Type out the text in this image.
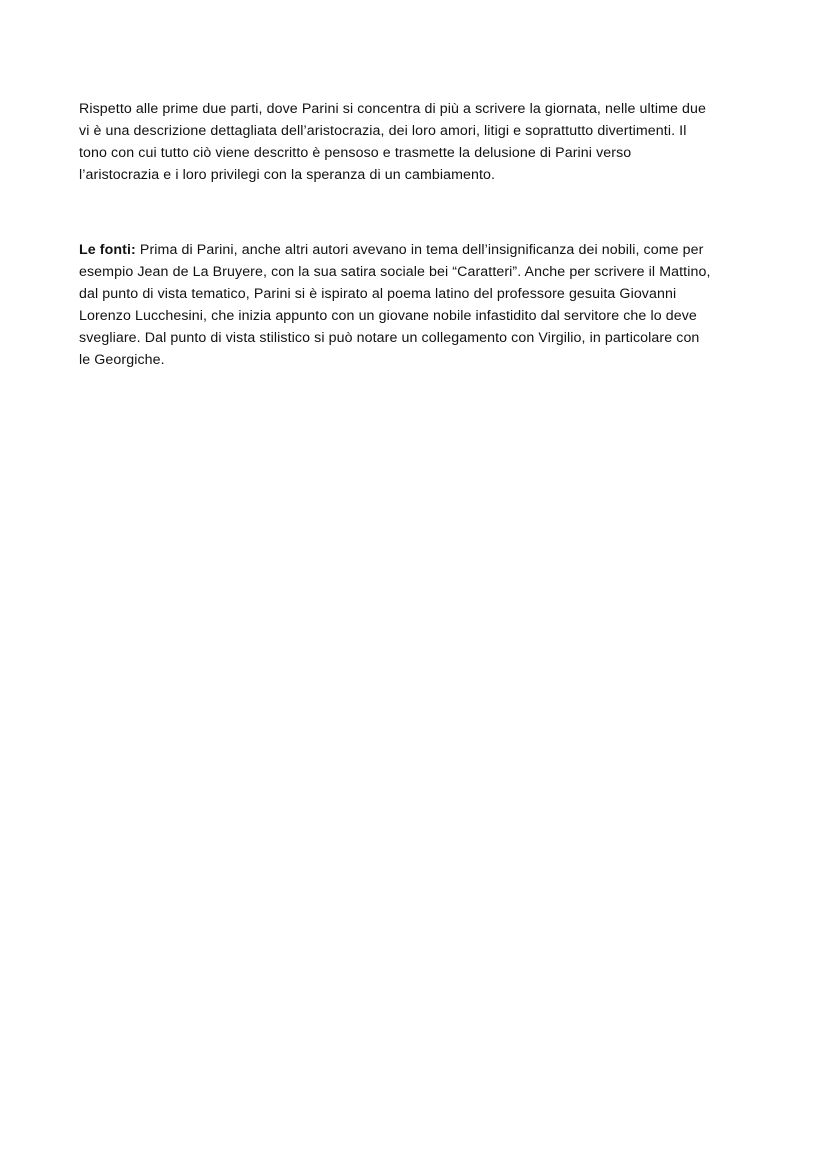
Rispetto alle prime due parti, dove Parini si concentra di più a scrivere la giornata, nelle ultime due
vi è una descrizione dettagliata dell’aristocrazia, dei loro amori, litigi e soprattutto divertimenti. Il
tono con cui tutto ciò viene descritto è pensoso e trasmette la delusione di Parini verso
l’aristocrazia e i loro privilegi con la speranza di un cambiamento.

Le fonti: Prima di Parini, anche altri autori avevano in tema dell’insignificanza dei nobili, come per
esempio Jean de La Bruyere, con la sua satira sociale bei “Caratteri”. Anche per scrivere il Mattino,
dal punto di vista tematico, Parini si è ispirato al poema latino del professore gesuita Giovanni
Lorenzo Lucchesini, che inizia appunto con un giovane nobile infastidito dal servitore che lo deve
svegliare. Dal punto di vista stilistico si può notare un collegamento con Virgilio, in particolare con
le Georgiche.
